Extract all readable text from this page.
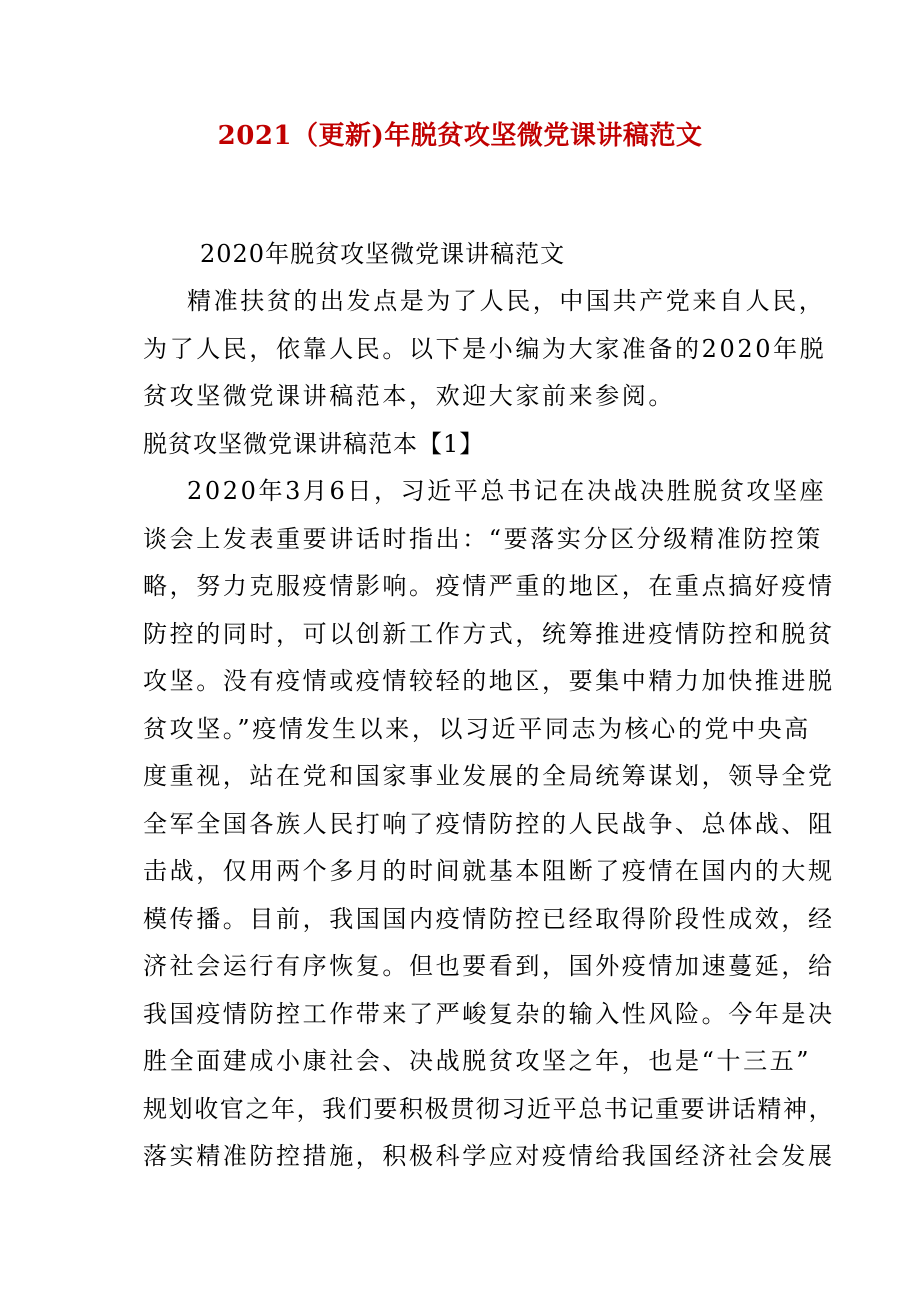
2021（更新)年脱贫攻坚微党课讲稿范文
2020年脱贫攻坚微党课讲稿范文
精准扶贫的出发点是为了人民，中国共产党来自人民，
为了人民，依靠人民。以下是小编为大家准备的2020年脱
贫攻坚微党课讲稿范本，欢迎大家前来参阅。
脱贫攻坚微党课讲稿范本【1】
2020年3月6日，习近平总书记在决战决胜脱贫攻坚座
谈会上发表重要讲话时指出：“要落实分区分级精准防控策
略，努力克服疫情影响。疫情严重的地区，在重点搞好疫情
防控的同时，可以创新工作方式，统筹推进疫情防控和脱贫
攻坚。没有疫情或疫情较轻的地区，要集中精力加快推进脱
贫攻坚。”疫情发生以来，以习近平同志为核心的党中央高
度重视，站在党和国家事业发展的全局统筹谋划，领导全党
全军全国各族人民打响了疫情防控的人民战争、总体战、阻
击战，仅用两个多月的时间就基本阻断了疫情在国内的大规
模传播。目前，我国国内疫情防控已经取得阶段性成效，经
济社会运行有序恢复。但也要看到，国外疫情加速蔓延，给
我国疫情防控工作带来了严峻复杂的输入性风险。今年是决
胜全面建成小康社会、决战脱贫攻坚之年，也是“十三五”
规划收官之年，我们要积极贯彻习近平总书记重要讲话精神，
落实精准防控措施，积极科学应对疫情给我国经济社会发展
